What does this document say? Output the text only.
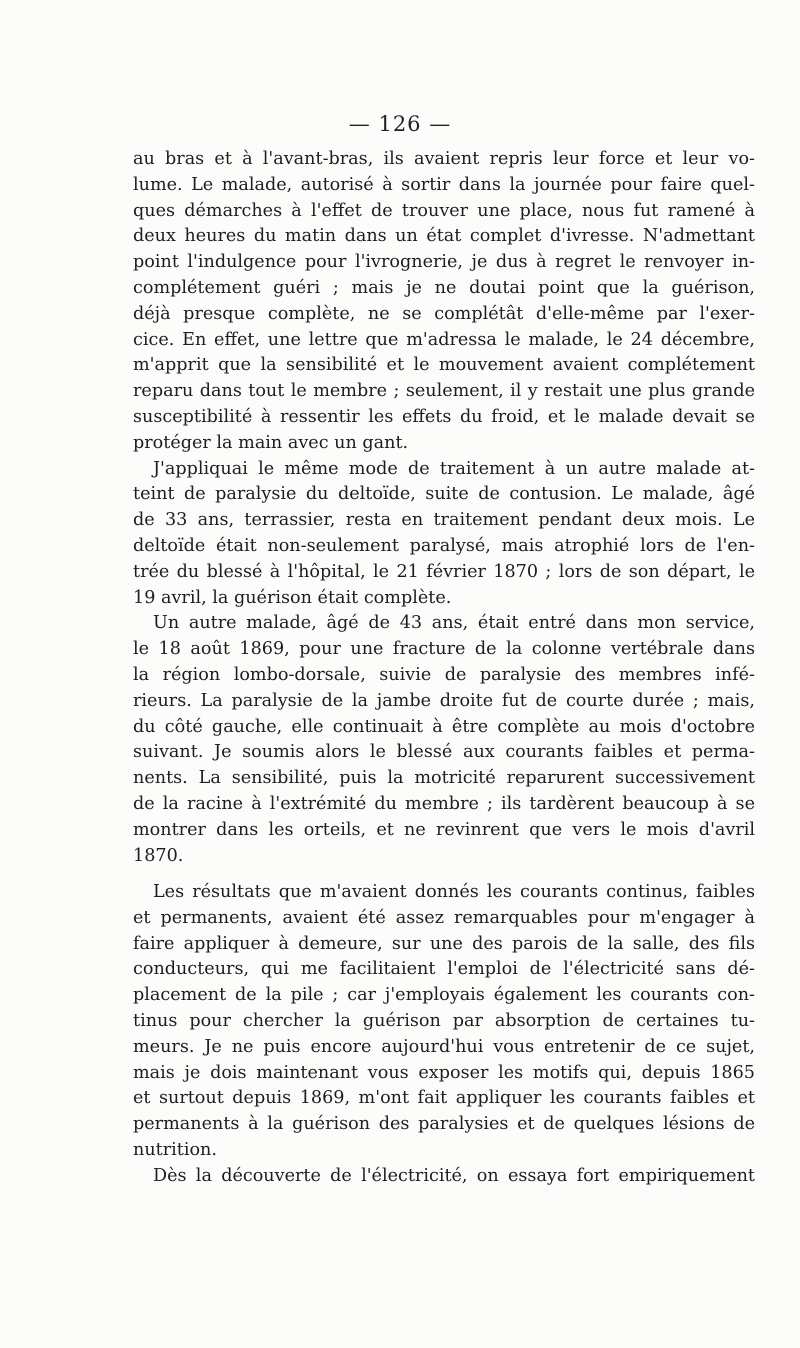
— 126 —
au bras et à l'avant-bras, ils avaient repris leur force et leur vo-
lume. Le malade, autorisé à sortir dans la journée pour faire quel-
ques démarches à l'effet de trouver une place, nous fut ramené à
deux heures du matin dans un état complet d'ivresse. N'admettant
point l'indulgence pour l'ivrognerie, je dus à regret le renvoyer in-
complétement guéri ; mais je ne doutai point que la guérison,
déjà presque complète, ne se complétât d'elle-même par l'exer-
cice. En effet, une lettre que m'adressa le malade, le 24 décembre,
m'apprit que la sensibilité et le mouvement avaient complétement
reparu dans tout le membre ; seulement, il y restait une plus grande
susceptibilité à ressentir les effets du froid, et le malade devait se
protéger la main avec un gant.
J'appliquai le même mode de traitement à un autre malade at-
teint de paralysie du deltoïde, suite de contusion. Le malade, âgé
de 33 ans, terrassier, resta en traitement pendant deux mois. Le
deltoïde était non-seulement paralysé, mais atrophié lors de l'en-
trée du blessé à l'hôpital, le 21 février 1870 ; lors de son départ, le
19 avril, la guérison était complète.
Un autre malade, âgé de 43 ans, était entré dans mon service,
le 18 août 1869, pour une fracture de la colonne vertébrale dans
la région lombo-dorsale, suivie de paralysie des membres infé-
rieurs. La paralysie de la jambe droite fut de courte durée ; mais,
du côté gauche, elle continuait à être complète au mois d'octobre
suivant. Je soumis alors le blessé aux courants faibles et perma-
nents. La sensibilité, puis la motricité reparurent successivement
de la racine à l'extrémité du membre ; ils tardèrent beaucoup à se
montrer dans les orteils, et ne revinrent que vers le mois d'avril
1870.
Les résultats que m'avaient donnés les courants continus, faibles
et permanents, avaient été assez remarquables pour m'engager à
faire appliquer à demeure, sur une des parois de la salle, des fils
conducteurs, qui me facilitaient l'emploi de l'électricité sans dé-
placement de la pile ; car j'employais également les courants con-
tinus pour chercher la guérison par absorption de certaines tu-
meurs. Je ne puis encore aujourd'hui vous entretenir de ce sujet,
mais je dois maintenant vous exposer les motifs qui, depuis 1865
et surtout depuis 1869, m'ont fait appliquer les courants faibles et
permanents à la guérison des paralysies et de quelques lésions de
nutrition.
Dès la découverte de l'électricité, on essaya fort empiriquement
